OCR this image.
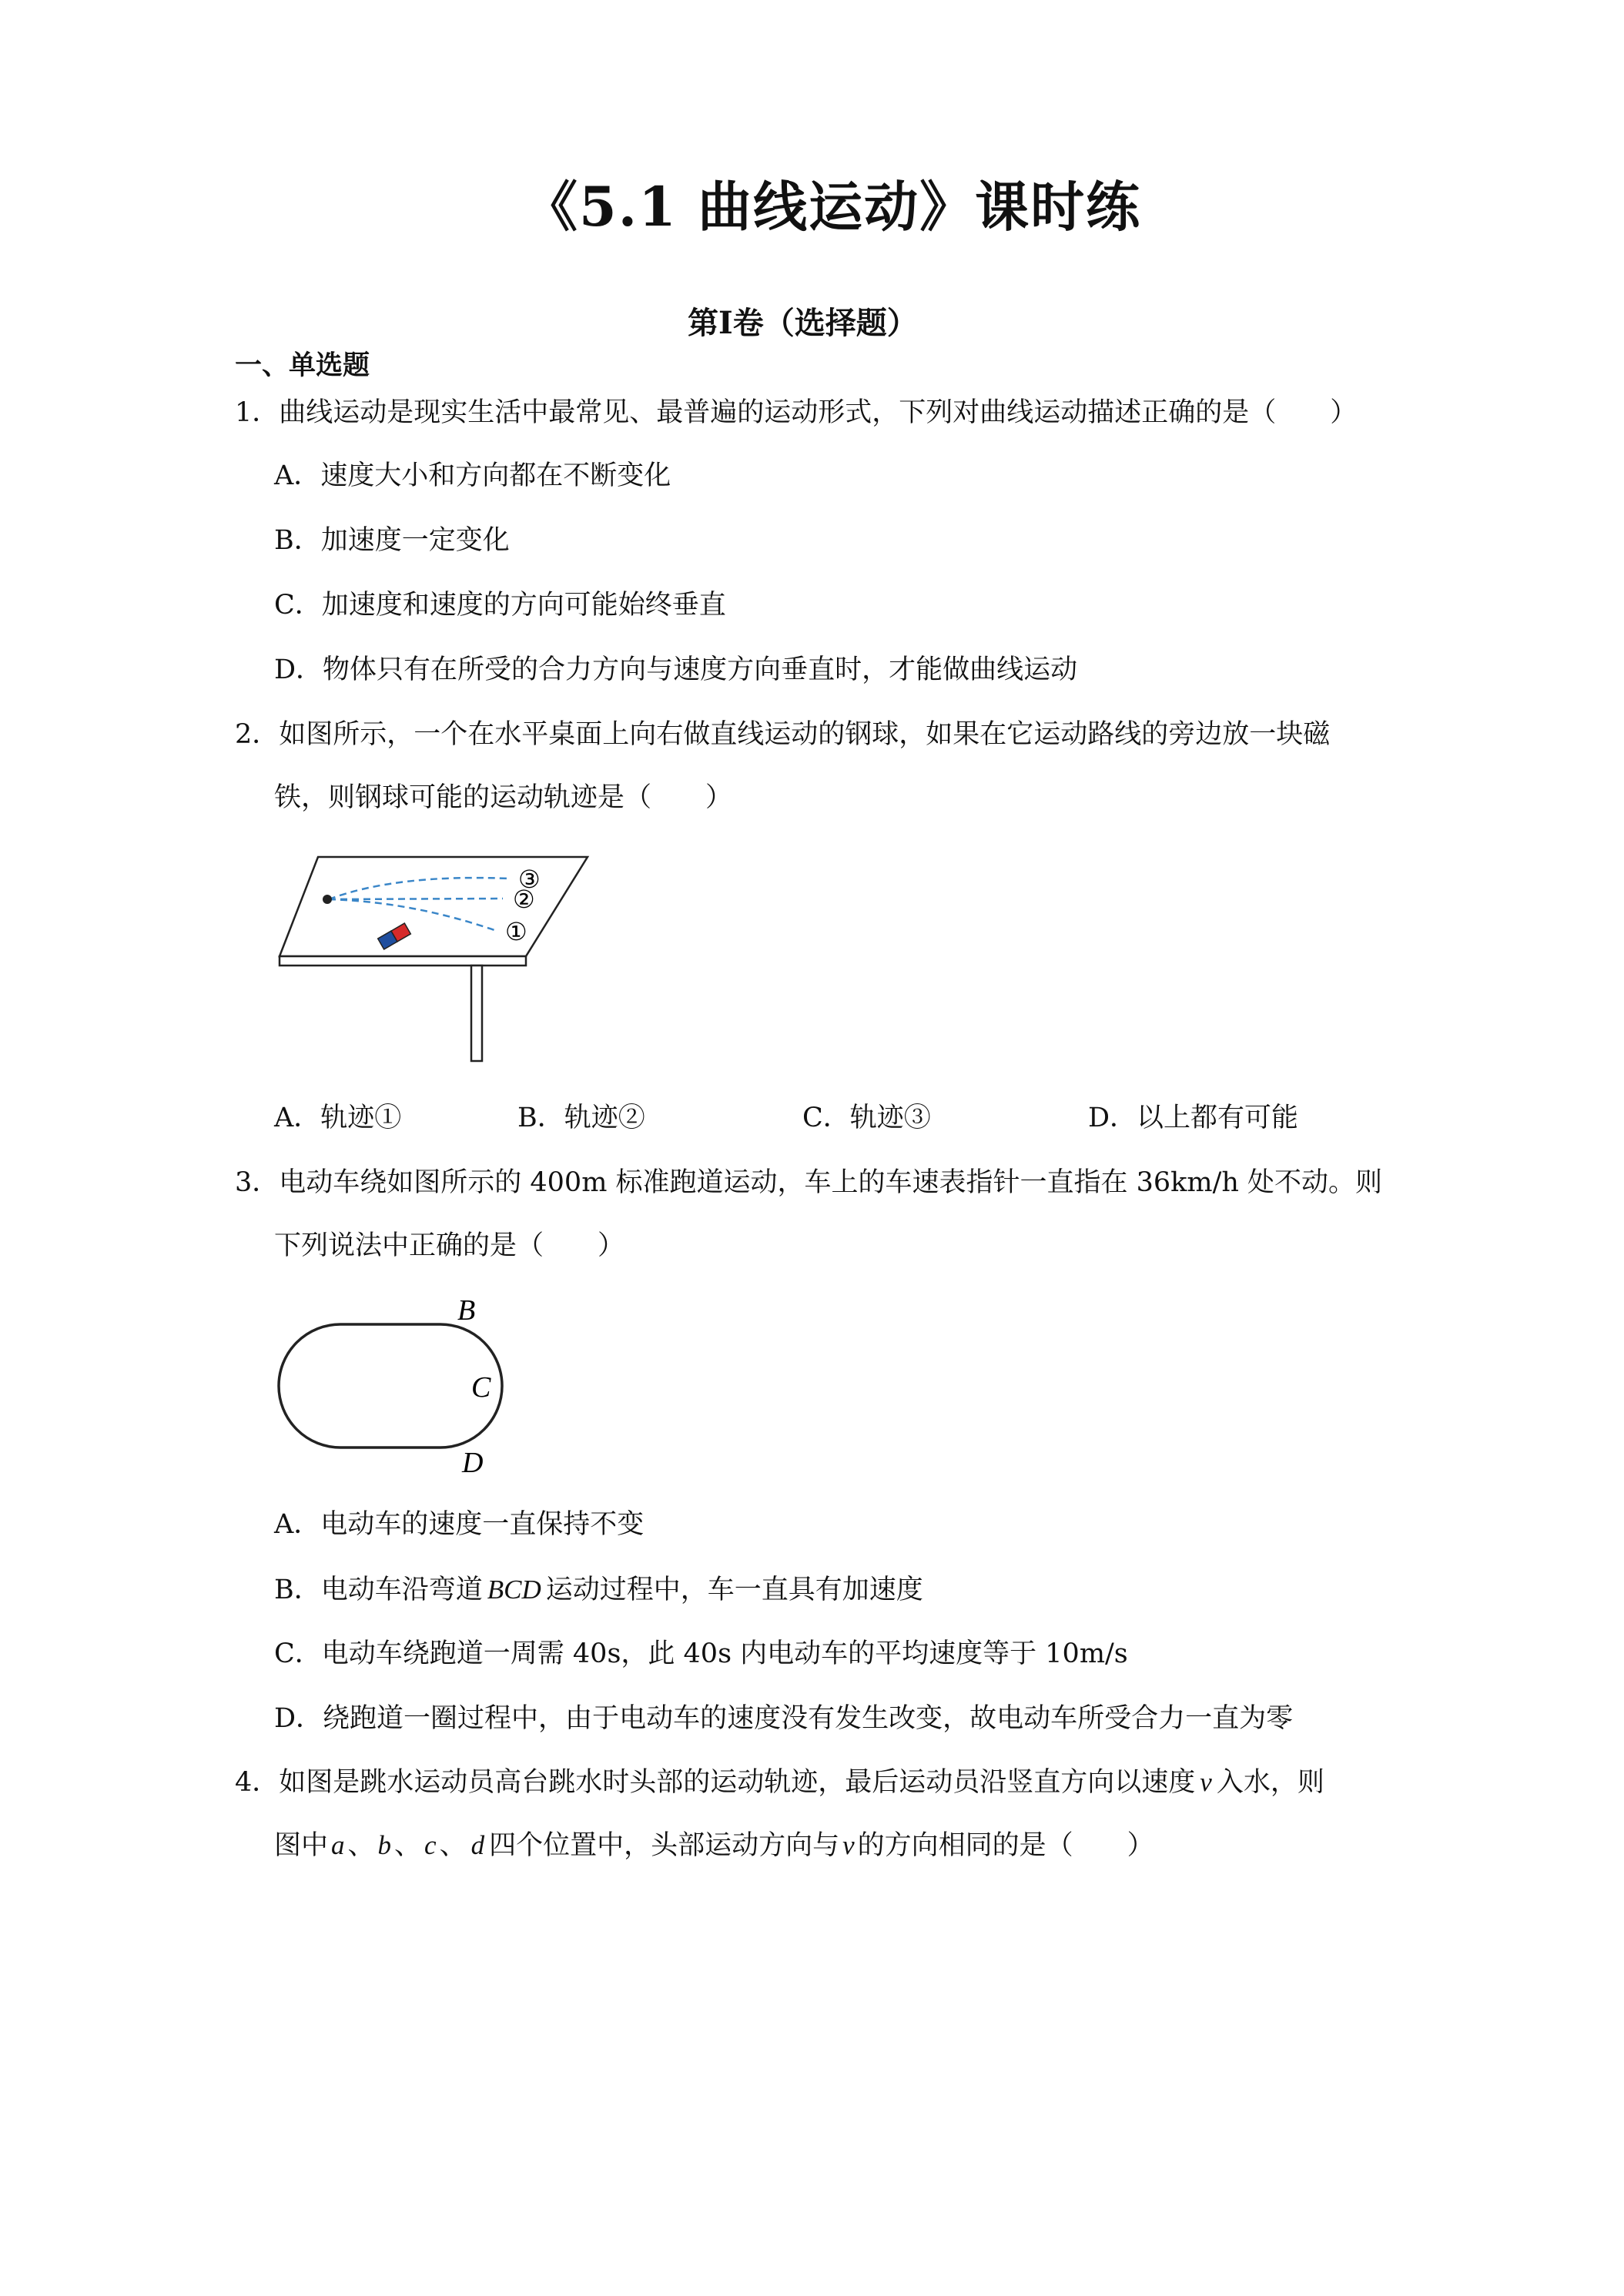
《5.1 曲线运动》课时练
第Ⅰ卷（选择题）
一、单选题
1．曲线运动是现实生活中最常见、最普遍的运动形式，下列对曲线运动描述正确的是（　　）
A．速度大小和方向都在不断变化
B．加速度一定变化
C．加速度和速度的方向可能始终垂直
D．物体只有在所受的合力方向与速度方向垂直时，才能做曲线运动
2．如图所示，一个在水平桌面上向右做直线运动的钢球，如果在它运动路线的旁边放一块磁
铁，则钢球可能的运动轨迹是（　　）
③
②
①
A．轨迹①	B．轨迹②	C．轨迹③	D．以上都有可能
3．电动车绕如图所示的 400m 标准跑道运动，车上的车速表指针一直指在 36km/h 处不动。则
下列说法中正确的是（　　）
B
C
D
A．电动车的速度一直保持不变
B．电动车沿弯道 BCD 运动过程中，车一直具有加速度
C．电动车绕跑道一周需 40s，此 40s 内电动车的平均速度等于 10m/s
D．绕跑道一圈过程中，由于电动车的速度没有发生改变，故电动车所受合力一直为零
4．如图是跳水运动员高台跳水时头部的运动轨迹，最后运动员沿竖直方向以速度 v 入水，则
图中 a 、 b 、 c 、 d 四个位置中，头部运动方向与 v 的方向相同的是（　　）
